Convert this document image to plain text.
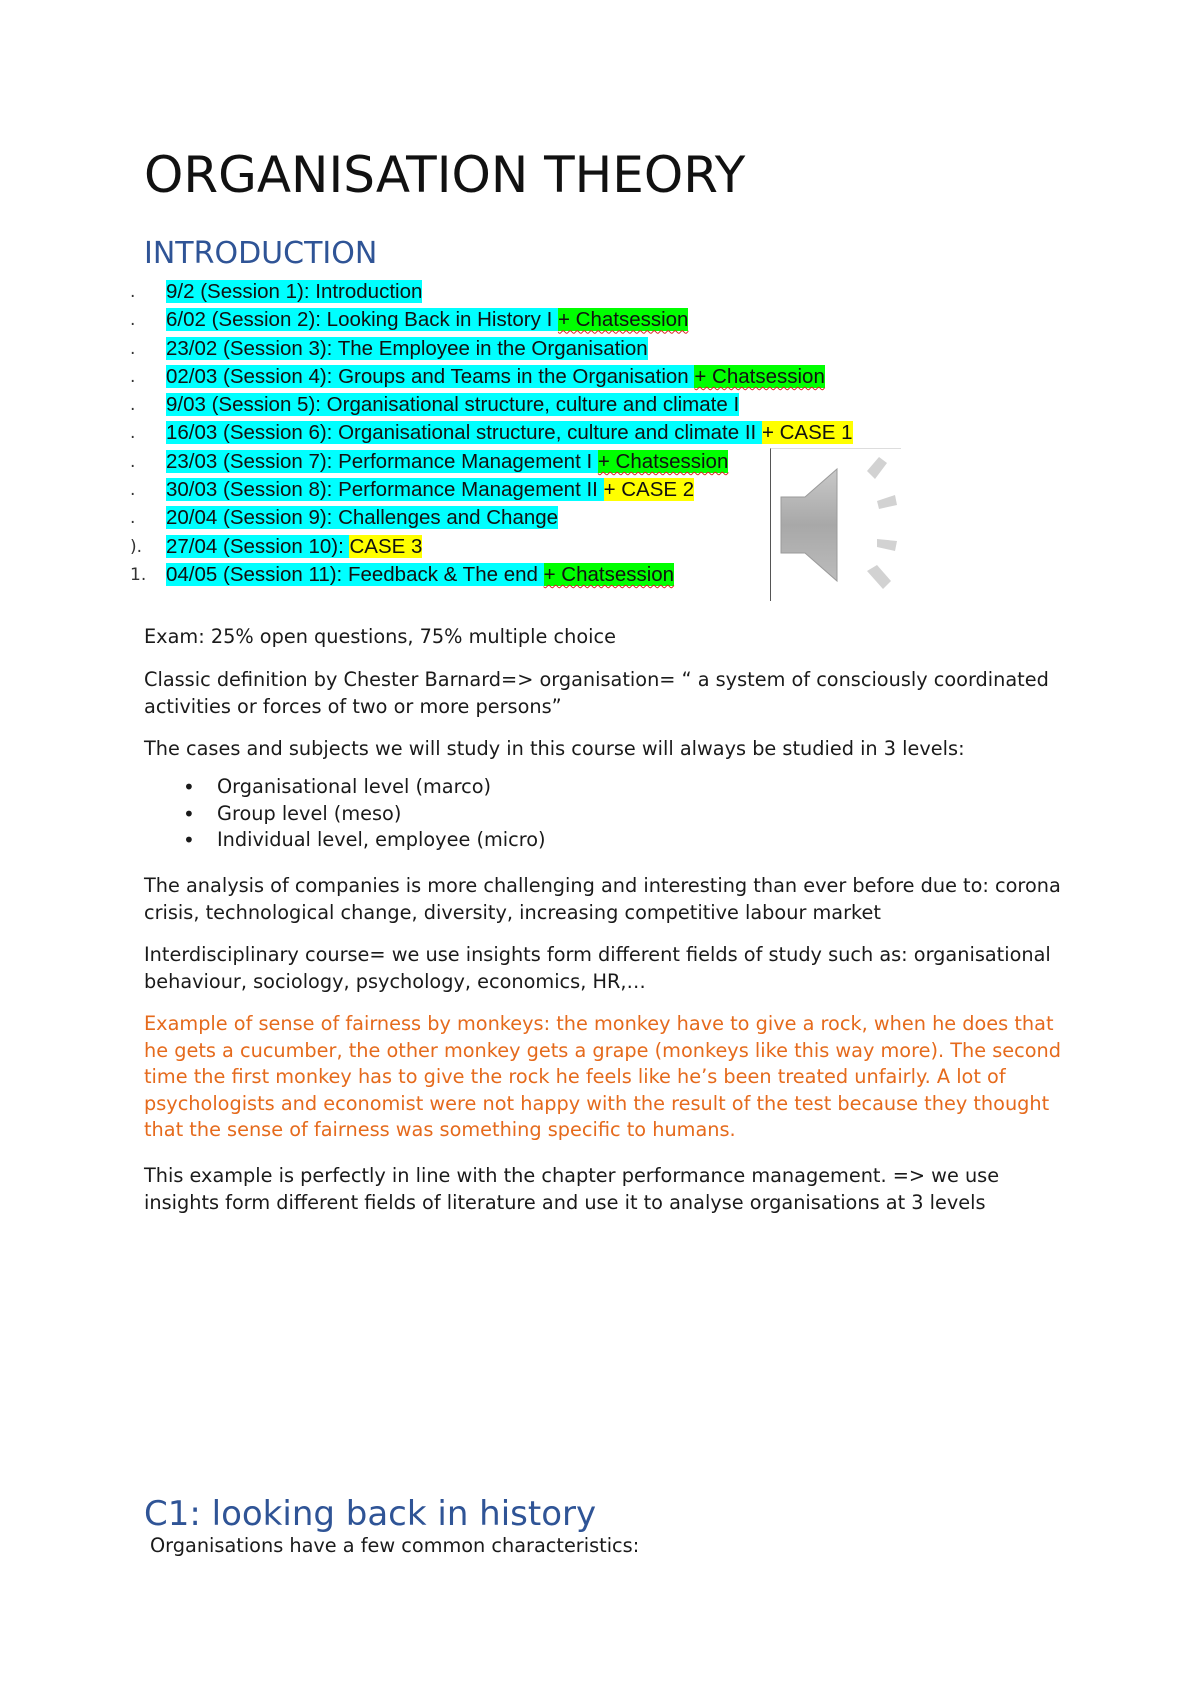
ORGANISATION THEORY
INTRODUCTION
.	9/2 (Session 1): Introduction
.	6/02 (Session 2): Looking Back in History I + Chatsession
.	23/02 (Session 3): The Employee in the Organisation
.	02/03 (Session 4): Groups and Teams in the Organisation + Chatsession
.	9/03 (Session 5): Organisational structure, culture and climate I
.	16/03 (Session 6): Organisational structure, culture and climate II + CASE 1
.	23/03 (Session 7): Performance Management I + Chatsession
.	30/03 (Session 8): Performance Management II + CASE 2
.	20/04 (Session 9): Challenges and Change
).	27/04 (Session 10): CASE 3
1. 04/05 (Session 11): Feedback & The end + Chatsession

Exam: 25% open questions, 75% multiple choice

Classic definition by Chester Barnard=> organisation= “ a system of consciously coordinated activities or forces of two or more persons”

The cases and subjects we will study in this course will always be studied in 3 levels:

• Organisational level (marco)
• Group level (meso)
• Individual level, employee (micro)

The analysis of companies is more challenging and interesting than ever before due to: corona crisis, technological change, diversity, increasing competitive labour market

Interdisciplinary course= we use insights form different fields of study such as: organisational behaviour, sociology, psychology, economics, HR,…

Example of sense of fairness by monkeys: the monkey have to give a rock, when he does that he gets a cucumber, the other monkey gets a grape (monkeys like this way more). The second time the first monkey has to give the rock he feels like he’s been treated unfairly. A lot of psychologists and economist were not happy with the result of the test because they thought that the sense of fairness was something specific to humans.

This example is perfectly in line with the chapter performance management. => we use insights form different fields of literature and use it to analyse organisations at 3 levels

C1: looking back in history

Organisations have a few common characteristics:
